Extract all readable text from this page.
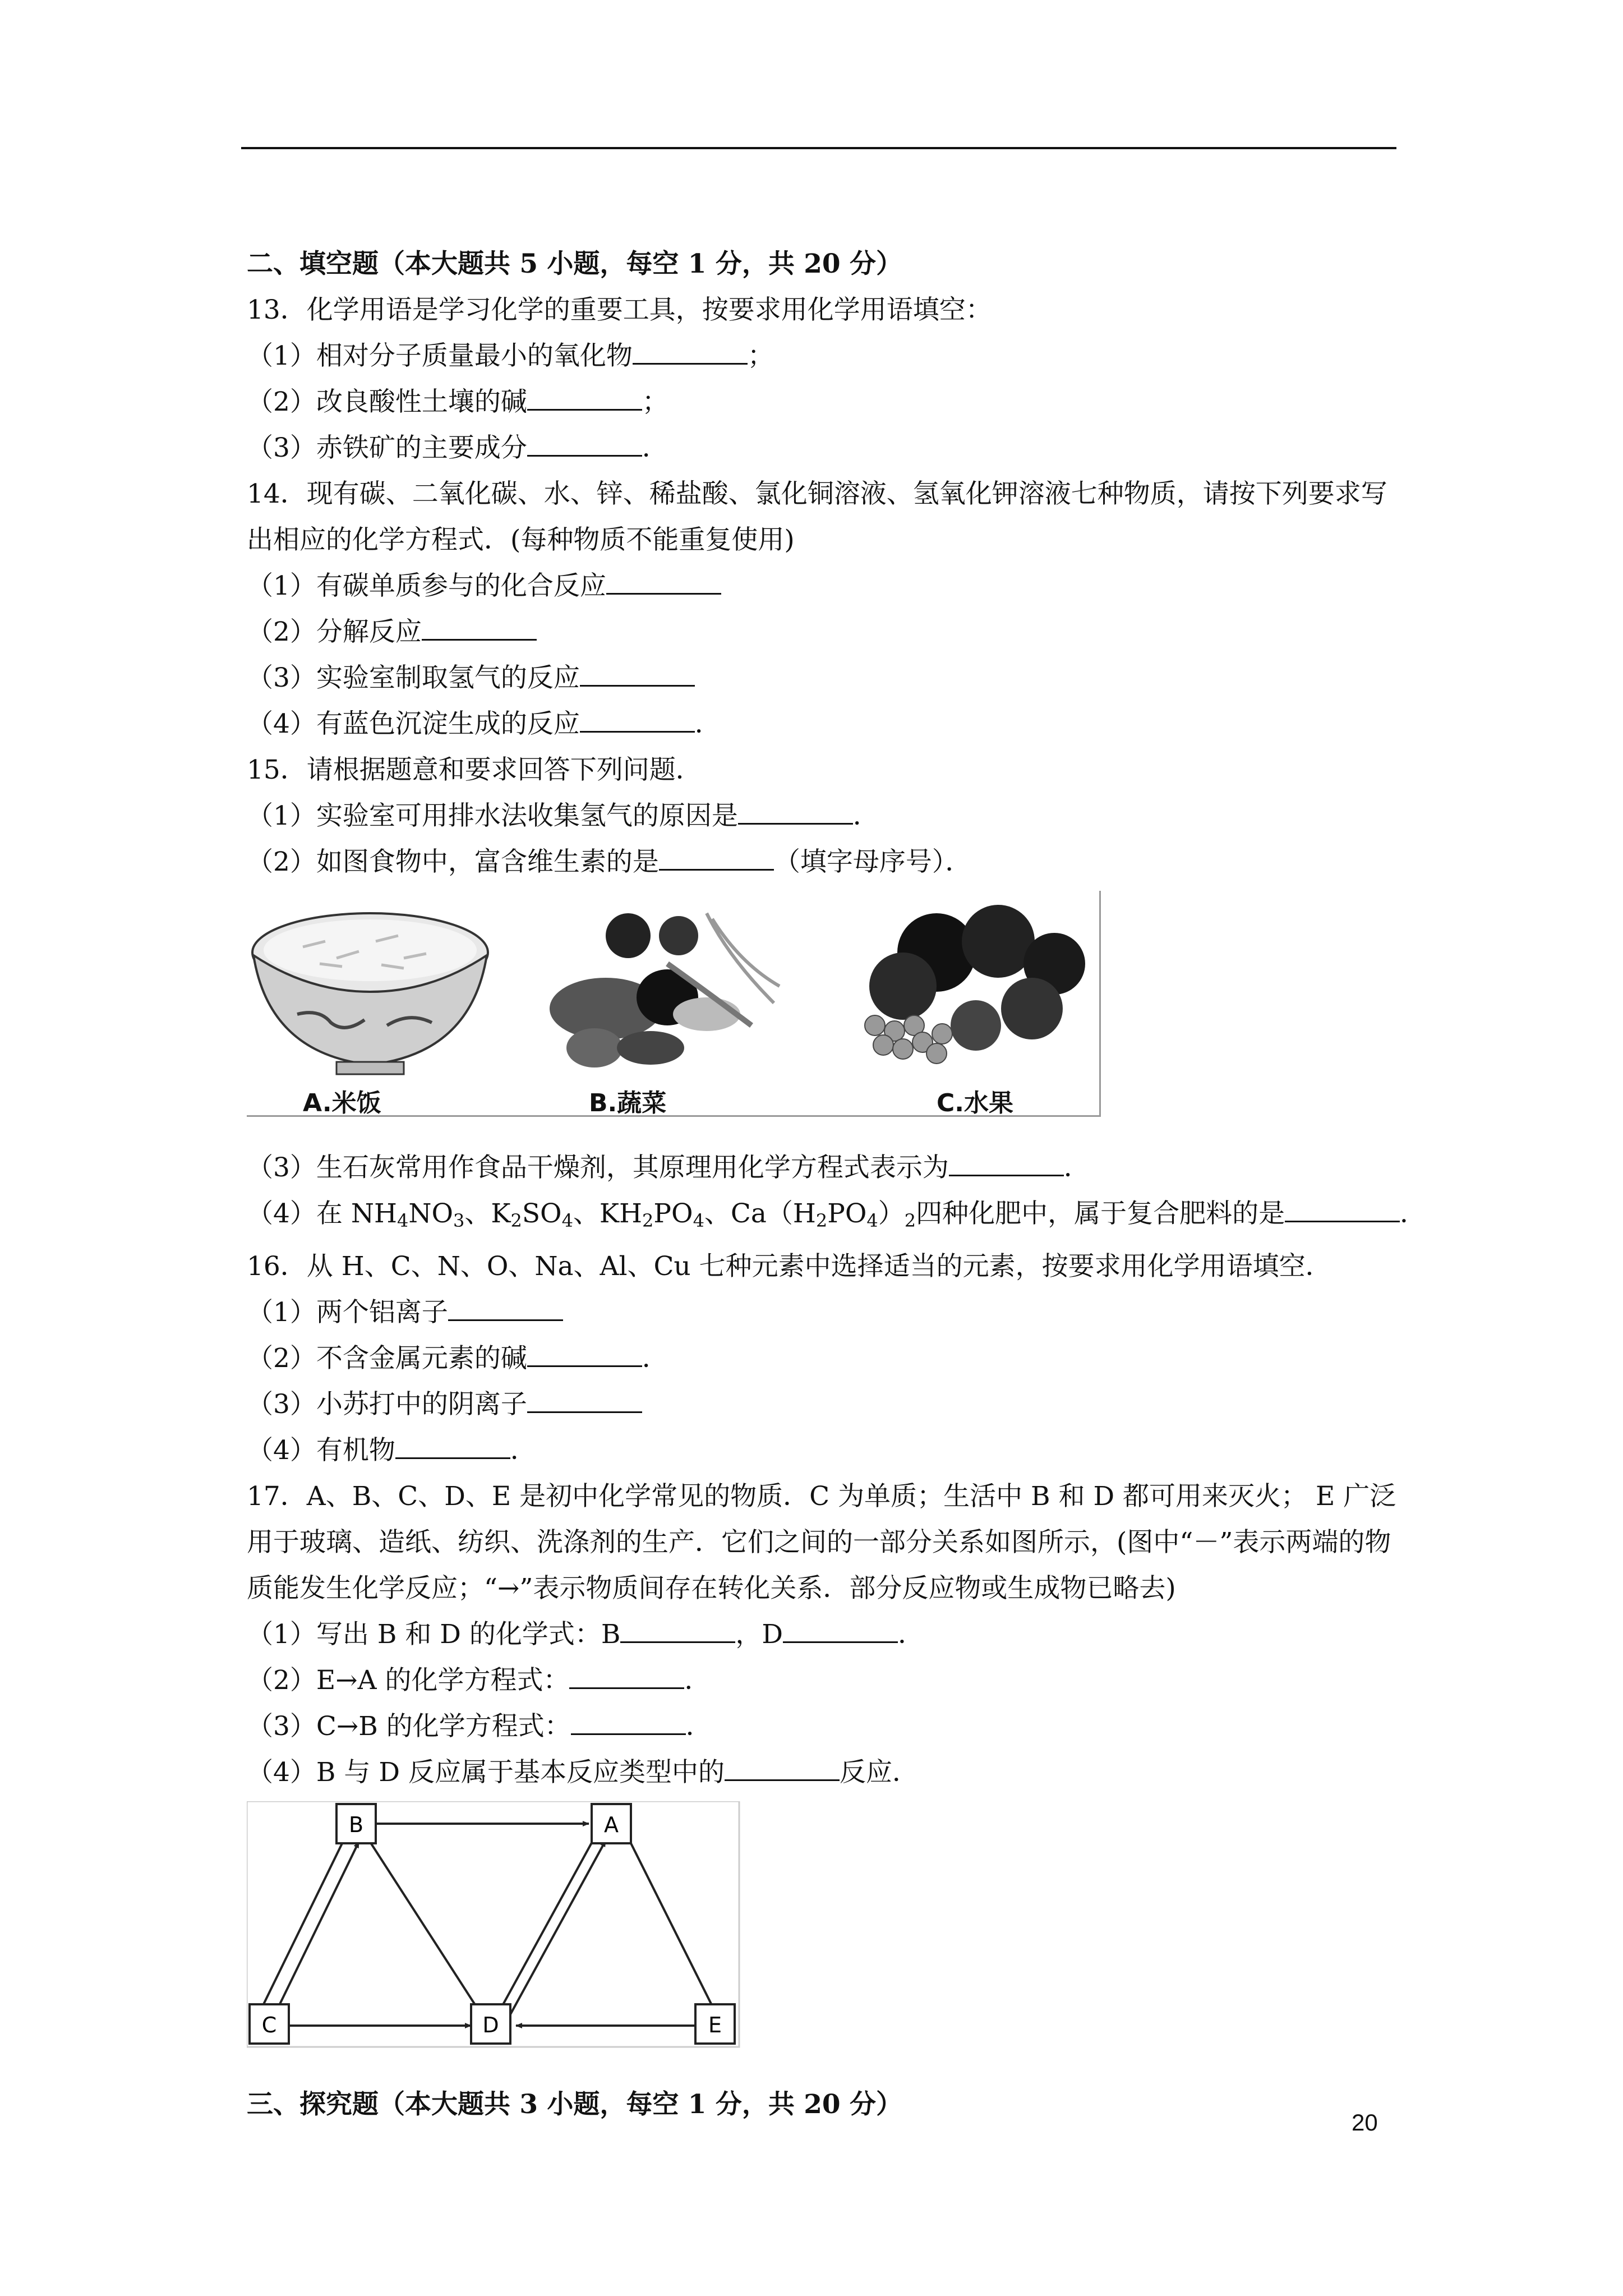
二、填空题（本大题共 5 小题，每空 1 分，共 20 分）
13．化学用语是学习化学的重要工具，按要求用化学用语填空：
（1）相对分子质量最小的氧化物	；
（2）改良酸性土壤的碱	；
（3）赤铁矿的主要成分	．
14．现有碳、二氧化碳、水、锌、稀盐酸、氯化铜溶液、氢氧化钾溶液七种物质，请按下列要求写出相应的化学方程式．(每种物质不能重复使用)
（1）有碳单质参与的化合反应
（2）分解反应
（3）实验室制取氢气的反应
（4）有蓝色沉淀生成的反应	．
15．请根据题意和要求回答下列问题．
（1）实验室可用排水法收集氢气的原因是	．
（2）如图食物中，富含维生素的是	（填字母序号）．
A.米饭	B.蔬菜	C.水果
（3）生石灰常用作食品干燥剂，其原理用化学方程式表示为	．
（4）在 $NH_4NO_3$、$K_2SO_4$、$KH_2PO_4$、$Ca(H_2PO_4)_2$四种化肥中，属于复合肥料的是	．
16．从 H、C、N、O、Na、Al、Cu 七种元素中选择适当的元素，按要求用化学用语填空．
（1）两个铝离子
（2）不含金属元素的碱	．
（3）小苏打中的阴离子
（4）有机物	．
17．A、B、C、D、E 是初中化学常见的物质．C 为单质；生活中 B 和 D 都可用来灭火； E 广泛用于玻璃、造纸、纺织、洗涤剂的生产．它们之间的一部分关系如图所示，(图中“－”表示两端的物质能发生化学反应；“→”表示物质间存在转化关系．部分反应物或生成物已略去)
（1）写出 B 和 D 的化学式：B	，D	．
（2）E→A 的化学方程式：	．
（3）C→B 的化学方程式：	．
（4）B 与 D 反应属于基本反应类型中的	反应．
B	A
C	D	E
三、探究题（本大题共 3 小题，每空 1 分，共 20 分）
20
